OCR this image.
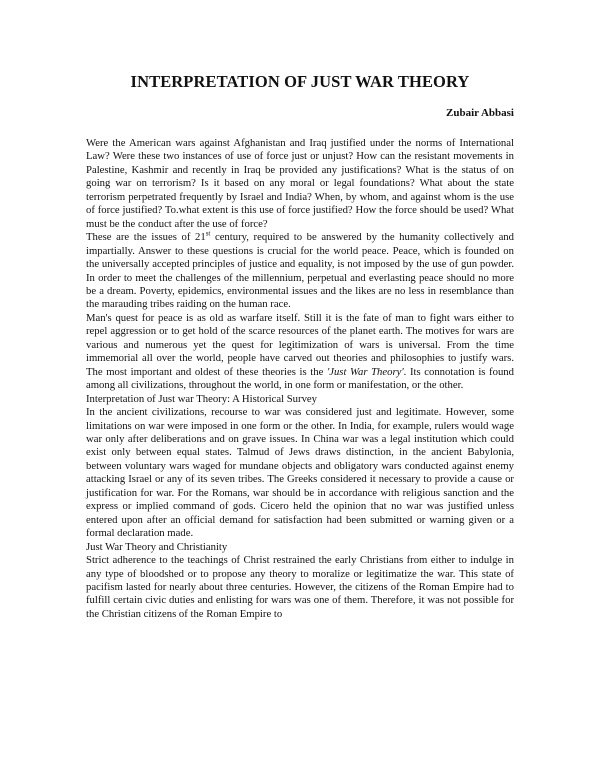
INTERPRETATION OF JUST WAR THEORY
Zubair Abbasi

Were the American wars against Afghanistan and Iraq justified under the norms of International Law? Were these two instances of use of force just or unjust? How can the resistant movements in Palestine, Kashmir and recently in Iraq be provided any justifications? What is the status of on going war on terrorism? Is it based on any moral or legal foundations? What about the state terrorism perpetrated frequently by Israel and India? When, by whom, and against whom is the use of force justified? To.what extent is this use of force justified? How the force should be used? What must be the conduct after the use of force?

These are the issues of 21st century, required to be answered by the humanity collectively and impartially. Answer to these questions is crucial for the world peace. Peace, which is founded on the universally accepted principles of justice and equality, is not imposed by the use of gun powder. In order to meet the challenges of the millennium, perpetual and everlasting peace should no more be a dream. Poverty, epidemics, environmental issues and the likes are no less in resemblance than the marauding tribes raiding on the human race.

Man's quest for peace is as old as warfare itself. Still it is the fate of man to fight wars either to repel aggression or to get hold of the scarce resources of the planet earth. The motives for wars are various and numerous yet the quest for legitimization of wars is universal. From the time immemorial all over the world, people have carved out theories and philosophies to justify wars. The most important and oldest of these theories is the 'Just War Theory'. Its connotation is found among all civilizations, throughout the world, in one form or manifestation, or the other.

Interpretation of Just war Theory: A Historical Survey

In the ancient civilizations, recourse to war was considered just and legitimate. However, some limitations on war were imposed in one form or the other. In India, for example, rulers would wage war only after deliberations and on grave issues. In China war was a legal institution which could exist only between equal states. Talmud of Jews draws distinction, in the ancient Babylonia, between voluntary wars waged for mundane objects and obligatory wars conducted against enemy attacking Israel or any of its seven tribes. The Greeks considered it necessary to provide a cause or justification for war. For the Romans, war should be in accordance with religious sanction and the express or implied command of gods. Cicero held the opinion that no war was justified unless entered upon after an official demand for satisfaction had been submitted or warning given or a formal declaration made.

Just War Theory and Christianity

Strict adherence to the teachings of Christ restrained the early Christians from either to indulge in any type of bloodshed or to propose any theory to moralize or legitimatize the war. This state of pacifism lasted for nearly about three centuries. However, the citizens of the Roman Empire had to fulfill certain civic duties and enlisting for wars was one of them. Therefore, it was not possible for the Christian citizens of the Roman Empire to
